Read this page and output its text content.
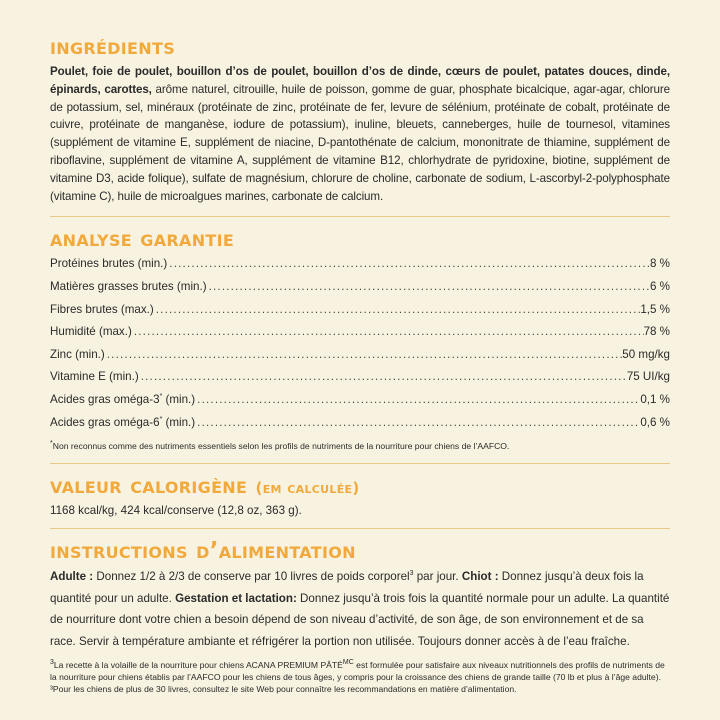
ingrédients

Poulet, foie de poulet, bouillon d’os de poulet, bouillon d’os de dinde, cœurs de poulet, patates douces, dinde, épinards, carottes, arôme naturel, citrouille, huile de poisson, gomme de guar, phosphate bicalcique, agar-agar, chlorure de potassium, sel, minéraux (protéinate de zinc, protéinate de fer, levure de sélénium, protéinate de cobalt, protéinate de cuivre, protéinate de manganèse, iodure de potassium), inuline, bleuets, canneberges, huile de tournesol, vitamines (supplément de vitamine E, supplément de niacine, D-pantothénate de calcium, mononitrate de thiamine, supplément de riboflavine, supplément de vitamine A, supplément de vitamine B12, chlorhydrate de pyridoxine, biotine, supplément de vitamine D3, acide folique), sulfate de magnésium, chlorure de choline, carbonate de sodium, L-ascorbyl-2-polyphosphate (vitamine C), huile de microalgues marines, carbonate de calcium.

analyse garantie
Protéines brutes (min.) .....	8 %
Matières grasses brutes (min.) .....	6 %
Fibres brutes (max.) .....	1,5 %
Humidité (max.) .....	78 %
Zinc (min.) .....	50 mg/kg
Vitamine E (min.) .....	75 UI/kg
Acides gras oméga-3* (min.) .....	0,1 %
Acides gras oméga-6* (min.) .....	0,6 %
*Non reconnus comme des nutriments essentiels selon les profils de nutriments de la nourriture pour chiens de l’AAFCO.
valeur calorigène (em calculée)
1168 kcal/kg, 424 kcal/conserve (12,8 oz, 363 g).
instructions d’alimentation
Adulte : Donnez 1/2 à 2/3 de conserve par 10 livres de poids corporel$^3$ par jour. Chiot : Donnez jusqu’à deux fois la quantité pour un adulte. Gestation et lactation: Donnez jusqu’à trois fois la quantité normale pour un adulte. La quantité de nourriture dont votre chien a besoin dépend de son niveau d’activité, de son âge, de son environnement et de sa race. Servir à température ambiante et réfrigérer la portion non utilisée. Toujours donner accès à de l’eau fraîche.
$^3$La recette à la volaille de la nourriture pour chiens ACANA PREMIUM $PÂTÉ^{MC}$ est formulée pour satisfaire aux niveaux nutritionnels des profils de nutriments de la nourriture pour chiens établis par l’AAFCO pour les chiens de tous âges, y compris pour la croissance des chiens de grande taille (70 lb et plus à l’âge adulte). ³Pour les chiens de plus de 30 livres, consultez le site Web pour connaître les recommandations en matière d’alimentation.
